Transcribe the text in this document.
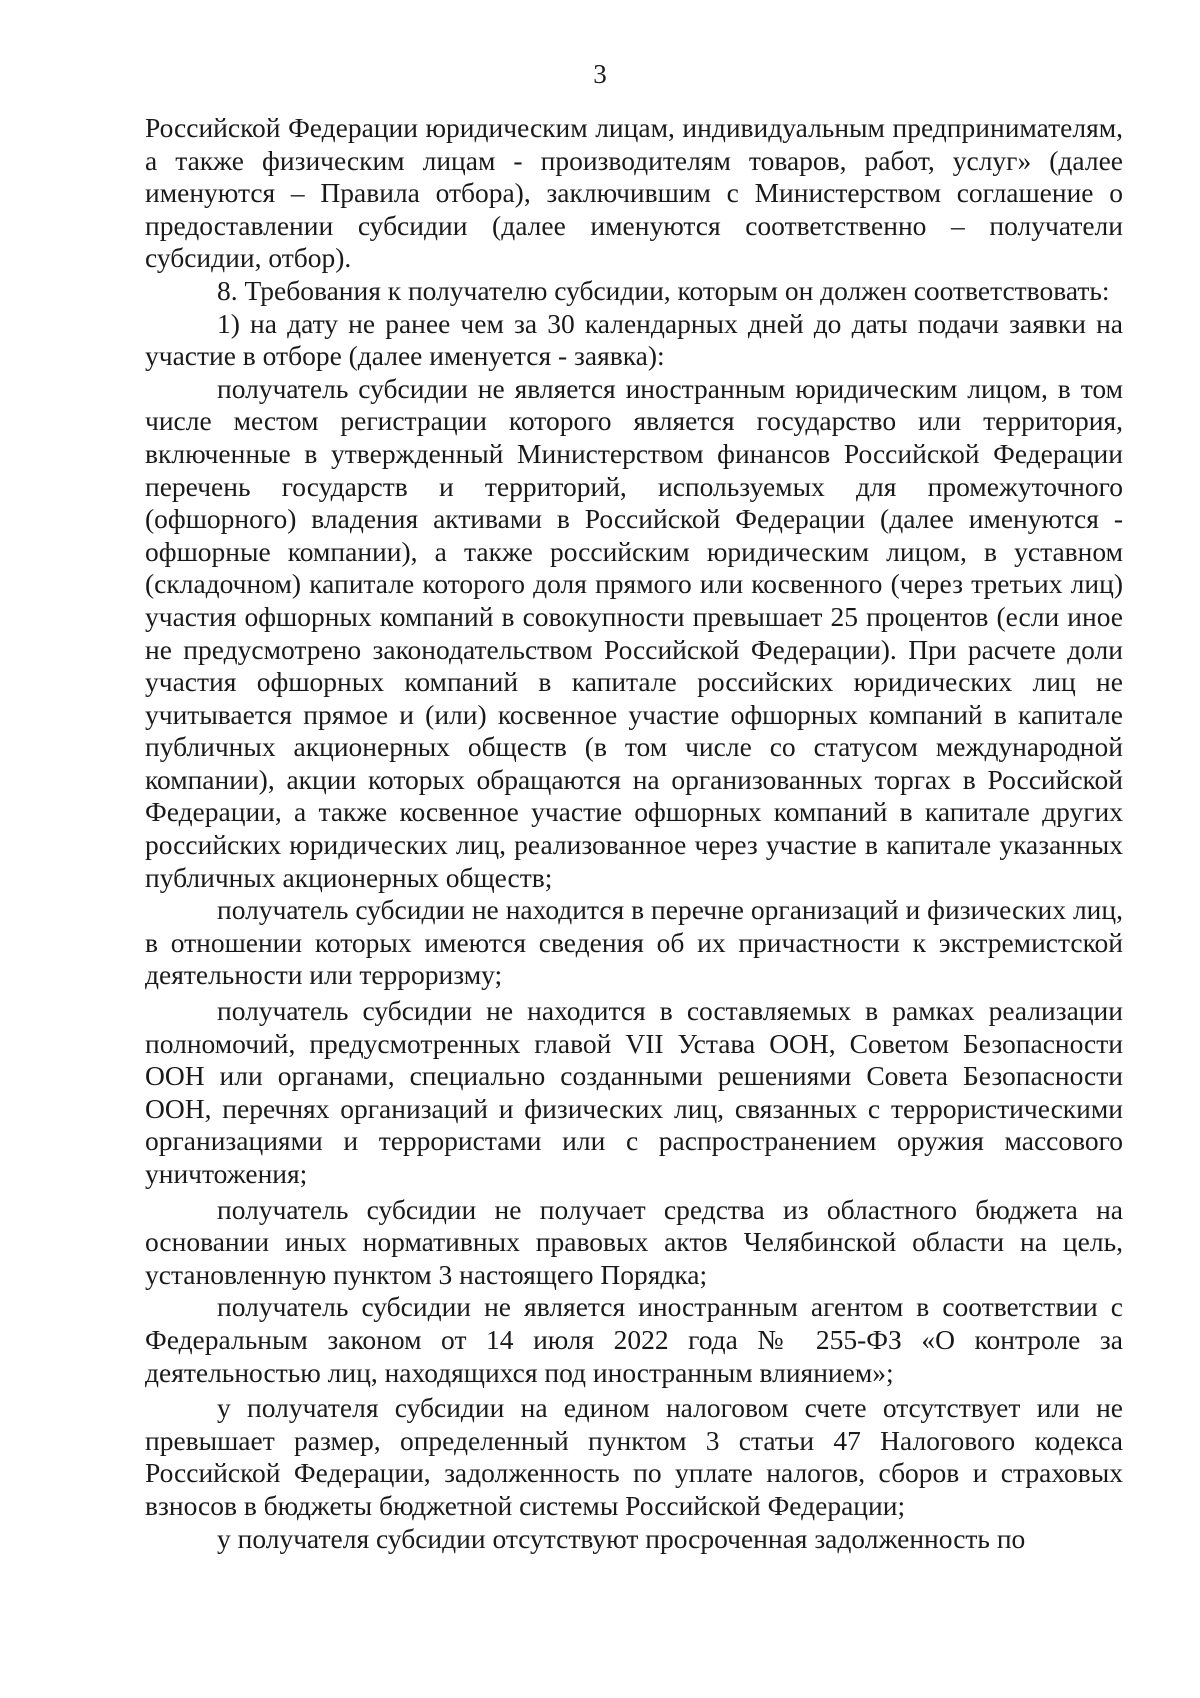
3

Российской Федерации юридическим лицам, индивидуальным предпринимателям, а также физическим лицам - производителям товаров, работ, услуг» (далее именуются – Правила отбора), заключившим с Министерством соглашение о предоставлении субсидии (далее именуются соответственно – получатели субсидии, отбор).

8. Требования к получателю субсидии, которым он должен соответствовать:

1) на дату не ранее чем за 30 календарных дней до даты подачи заявки на участие в отборе (далее именуется - заявка):

получатель субсидии не является иностранным юридическим лицом, в том числе местом регистрации которого является государство или территория, включенные в утвержденный Министерством финансов Российской Федерации перечень государств и территорий, используемых для промежуточного (офшорного) владения активами в Российской Федерации (далее именуются - офшорные компании), а также российским юридическим лицом, в уставном (складочном) капитале которого доля прямого или косвенного (через третьих лиц) участия офшорных компаний в совокупности превышает 25 процентов (если иное не предусмотрено законодательством Российской Федерации). При расчете доли участия офшорных компаний в капитале российских юридических лиц не учитывается прямое и (или) косвенное участие офшорных компаний в капитале публичных акционерных обществ (в том числе со статусом международной компании), акции которых обращаются на организованных торгах в Российской Федерации, а также косвенное участие офшорных компаний в капитале других российских юридических лиц, реализованное через участие в капитале указанных публичных акционерных обществ;

получатель субсидии не находится в перечне организаций и физических лиц, в отношении которых имеются сведения об их причастности к экстремистской деятельности или терроризму;

получатель субсидии не находится в составляемых в рамках реализации полномочий, предусмотренных главой VII Устава ООН, Советом Безопасности ООН или органами, специально созданными решениями Совета Безопасности ООН, перечнях организаций и физических лиц, связанных с террористическими организациями и террористами или с распространением оружия массового уничтожения;

получатель субсидии не получает средства из областного бюджета на основании иных нормативных правовых актов Челябинской области на цель, установленную пунктом 3 настоящего Порядка;

получатель субсидии не является иностранным агентом в соответствии с Федеральным законом от 14 июля 2022 года № 255-ФЗ «О контроле за деятельностью лиц, находящихся под иностранным влиянием»;

у получателя субсидии на едином налоговом счете отсутствует или не превышает размер, определенный пунктом 3 статьи 47 Налогового кодекса Российской Федерации, задолженность по уплате налогов, сборов и страховых взносов в бюджеты бюджетной системы Российской Федерации;

у получателя субсидии отсутствуют просроченная задолженность по
